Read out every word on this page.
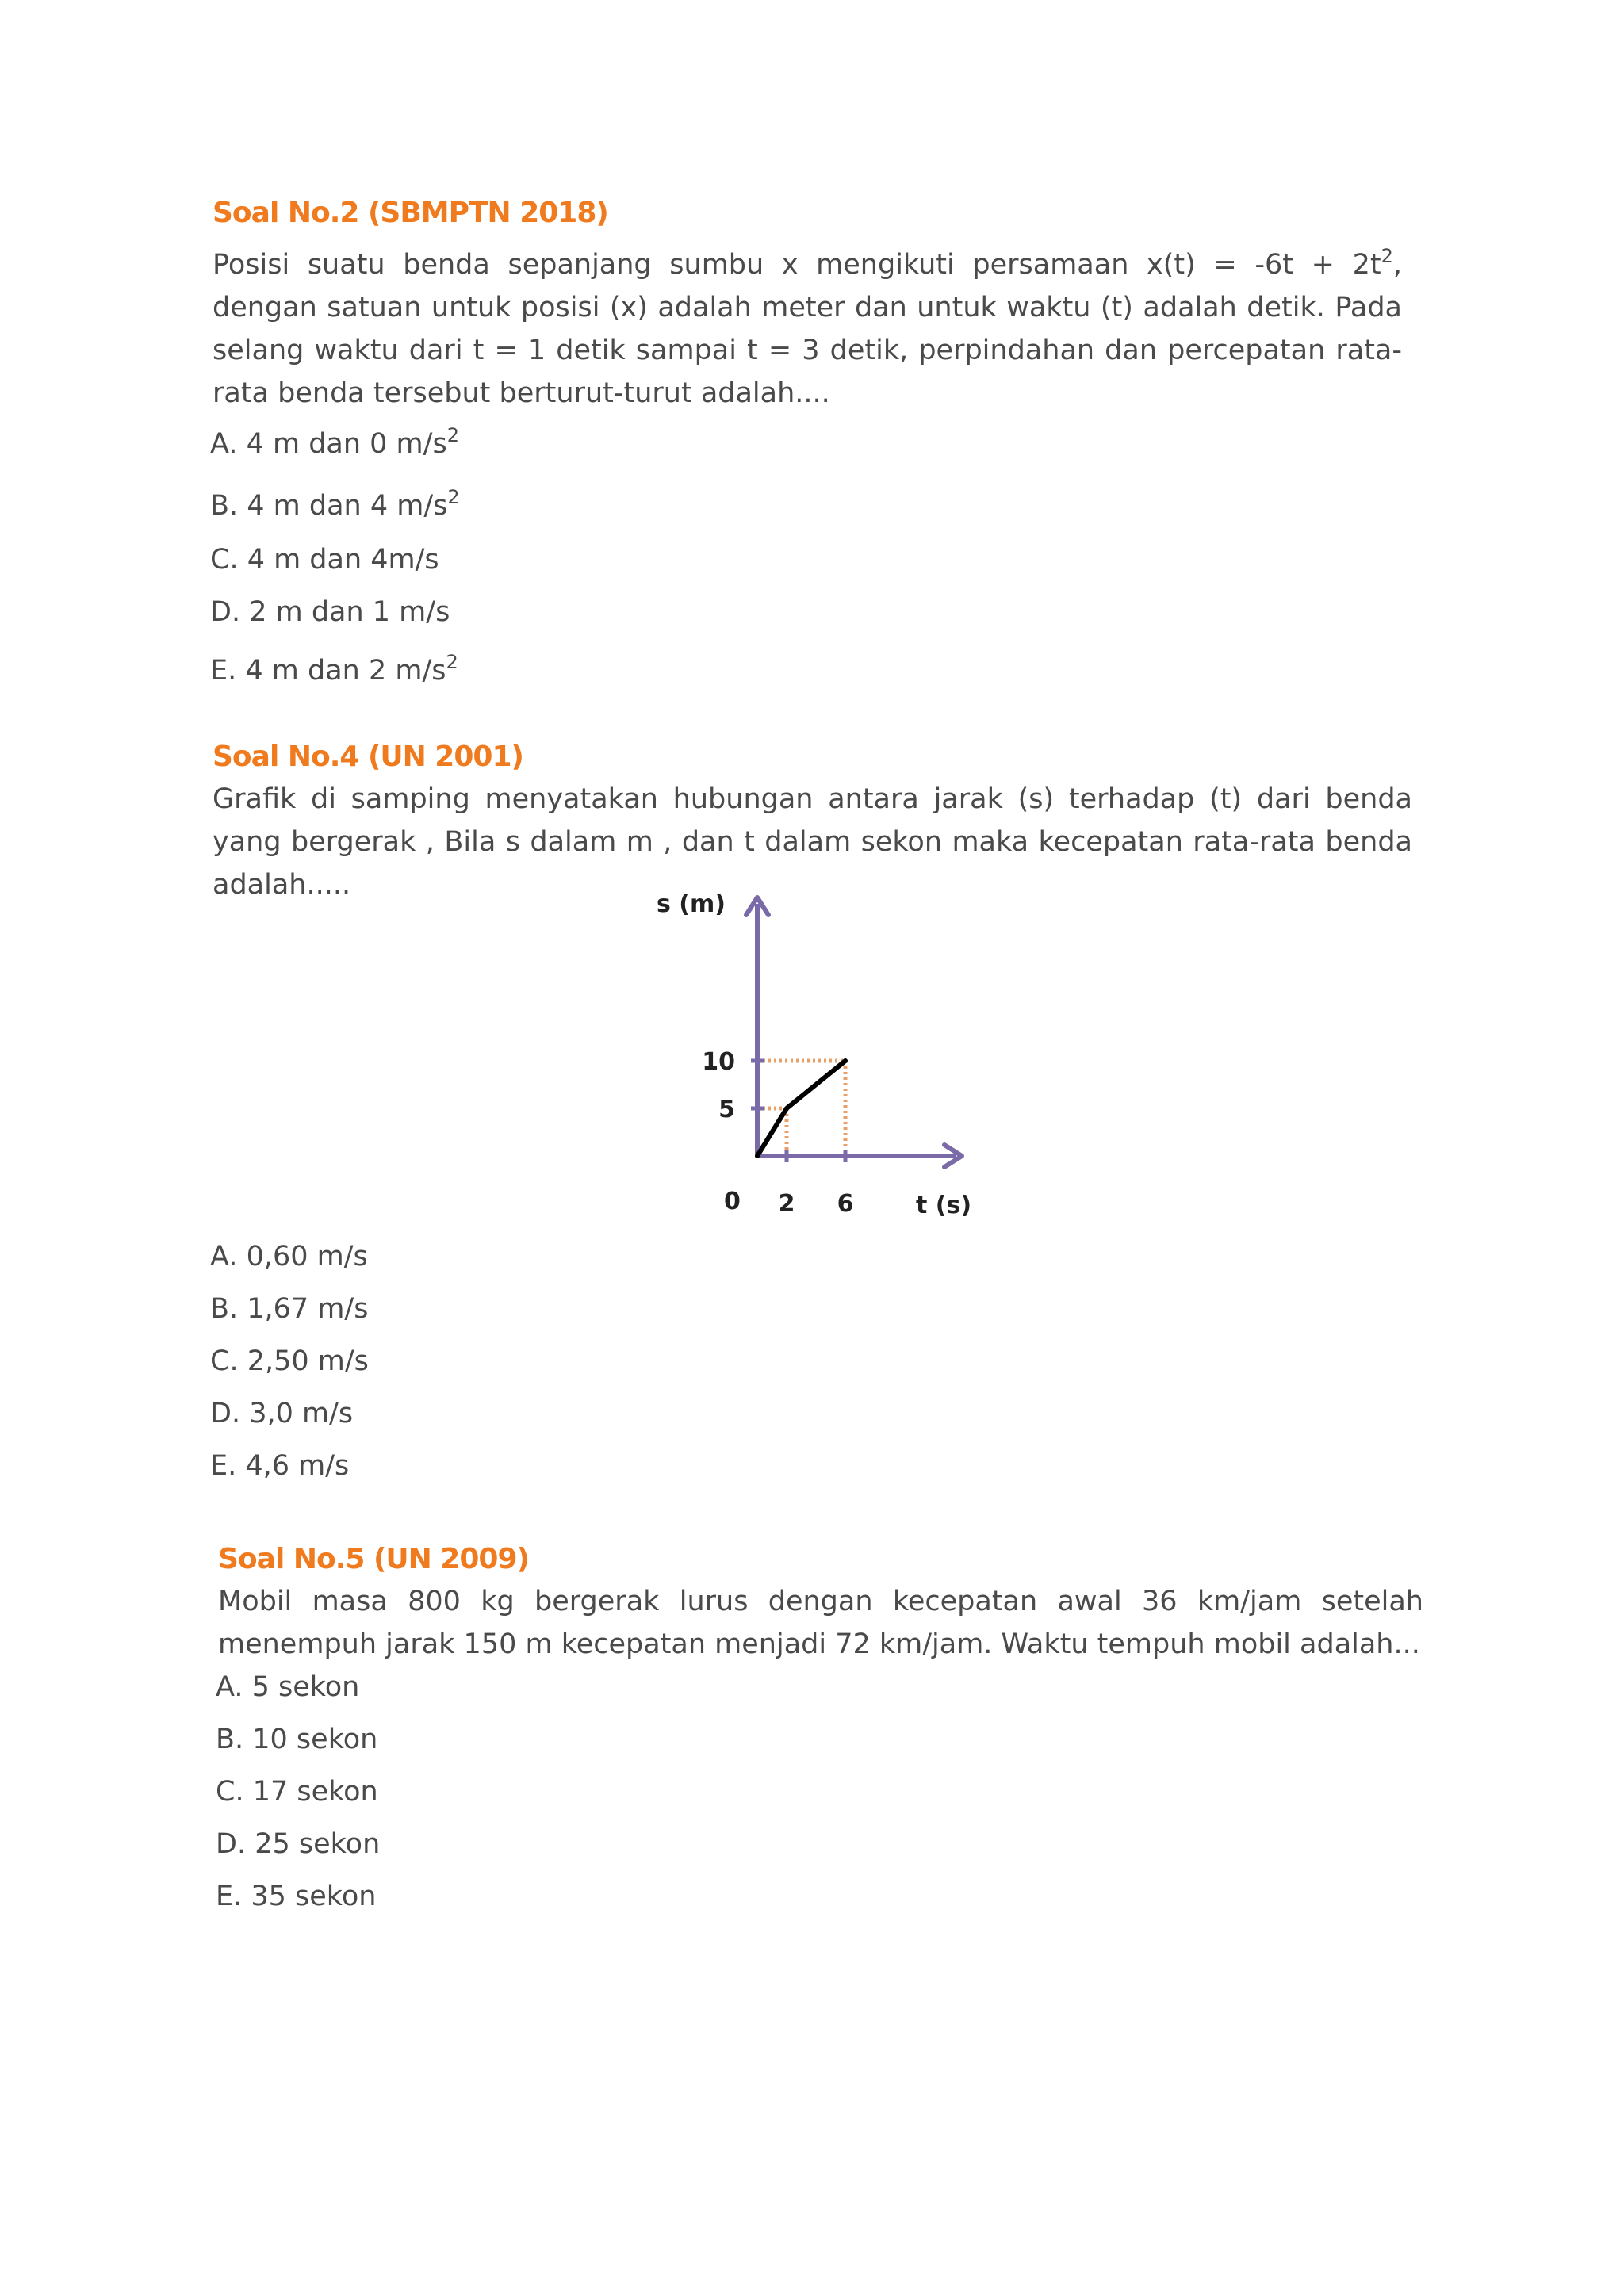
Soal No.2 (SBMPTN 2018)

Posisi suatu benda sepanjang sumbu x mengikuti persamaan $x(t) = -6t + 2t^2$, dengan satuan untuk posisi (x) adalah meter dan untuk waktu (t) adalah detik. Pada selang waktu dari t = 1 detik sampai t = 3 detik, perpindahan dan percepatan rata-rata benda tersebut berturut-turut adalah....

A. 4 m dan 0 $m/s^2$

B. 4 m dan 4 $m/s^2$

C. 4 m dan 4m/s

D. 2 m dan 1 m/s

E. 4 m dan 2 $m/s^2$

Soal No.4 (UN 2001)

Grafik di samping menyatakan hubungan antara jarak (s) terhadap (t) dari benda yang bergerak , Bila s dalam m , dan t dalam sekon maka kecepatan rata-rata benda adalah.....

s (m)
t (s)
0 2 6
5
10

A. 0,60 m/s

B. 1,67 m/s

C. 2,50 m/s

D. 3,0 m/s

E. 4,6 m/s

Soal No.5 (UN 2009)

Mobil masa 800 kg bergerak lurus dengan kecepatan awal 36 km/jam setelah menempuh jarak 150 m kecepatan menjadi 72 km/jam. Waktu tempuh mobil adalah...

A. 5 sekon

B. 10 sekon

C. 17 sekon

D. 25 sekon

E. 35 sekon
